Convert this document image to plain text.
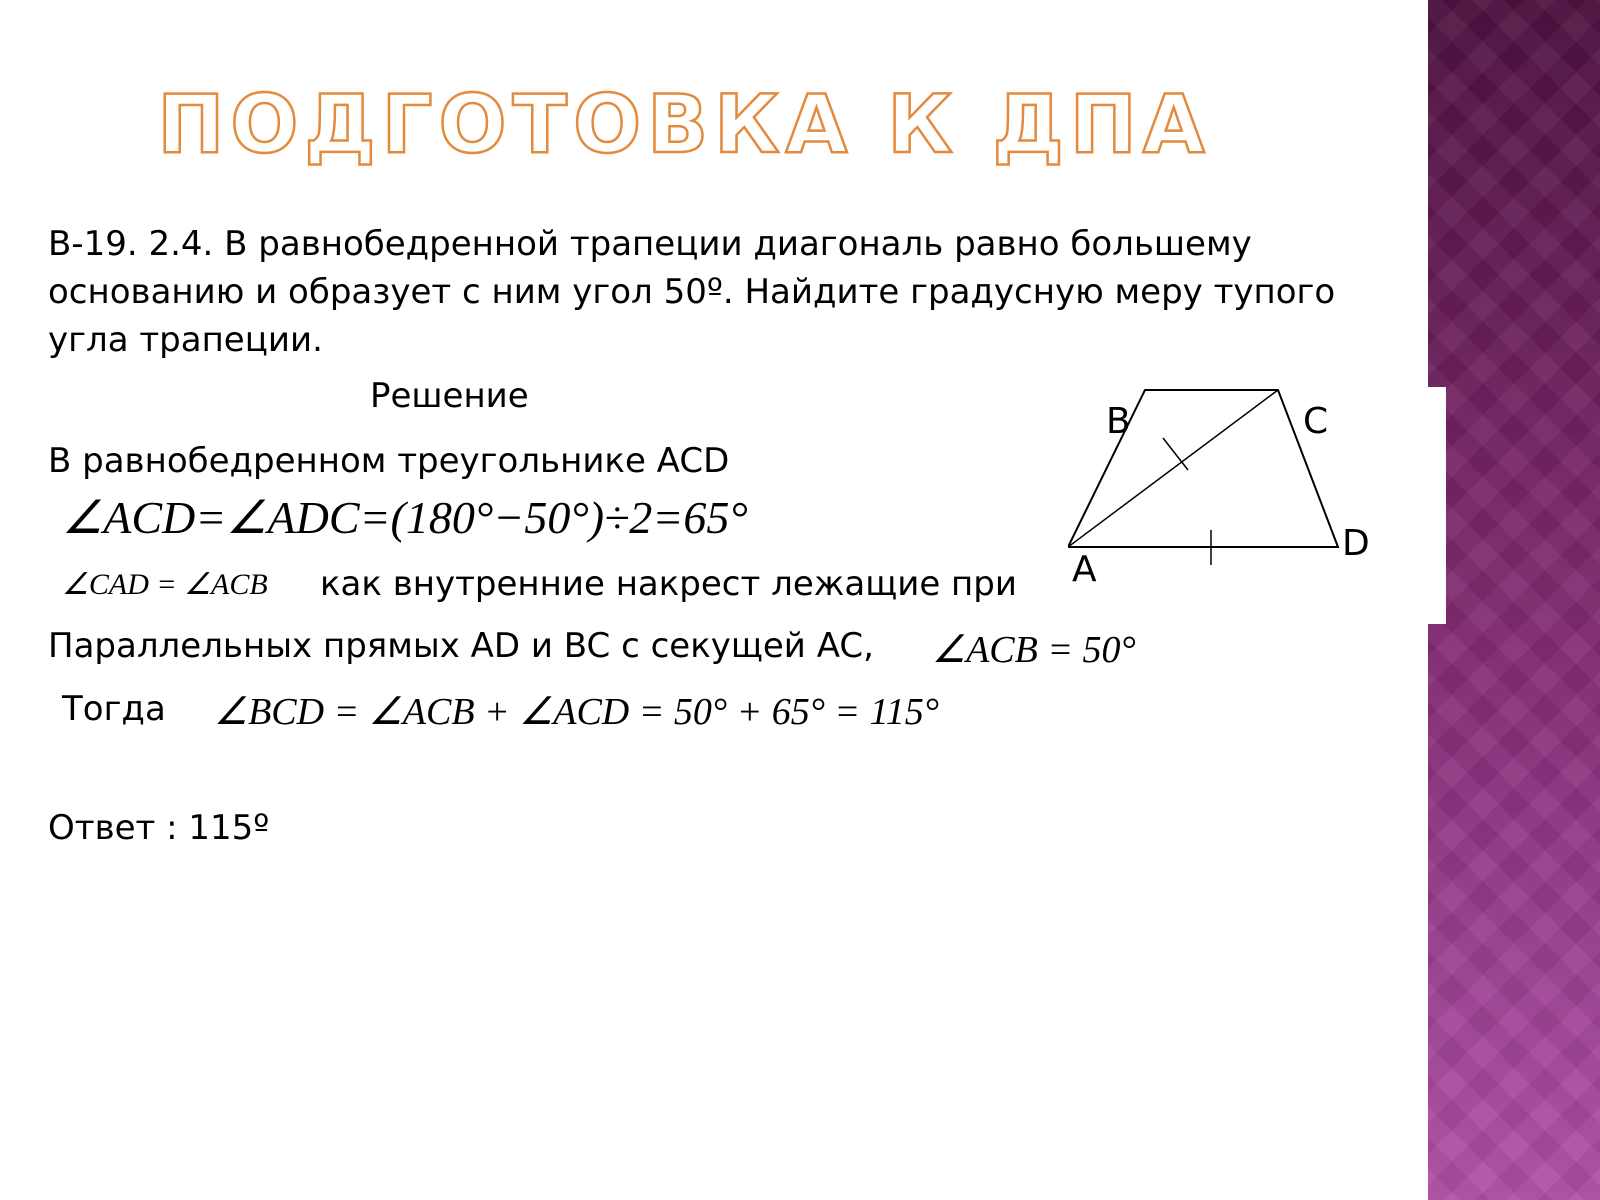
ПОДГОТОВКА К ДПА
В-19. 2.4. В равнобедренной трапеции диагональ равно большему основанию и образует с ним угол 50º. Найдите градусную меру тупого угла трапеции.
Решение
В равнобедренном треугольнике ACD
∠ACD=∠ADC=(180°−50°)÷2=65°
∠CAD = ∠ACB как внутренние накрест лежащие при
Параллельных прямых AD и BC с секущей AC, ∠ACB = 50°
Тогда ∠BCD = ∠ACB + ∠ACD = 50° + 65° = 115°
Ответ : 115º
B	C
A
D
